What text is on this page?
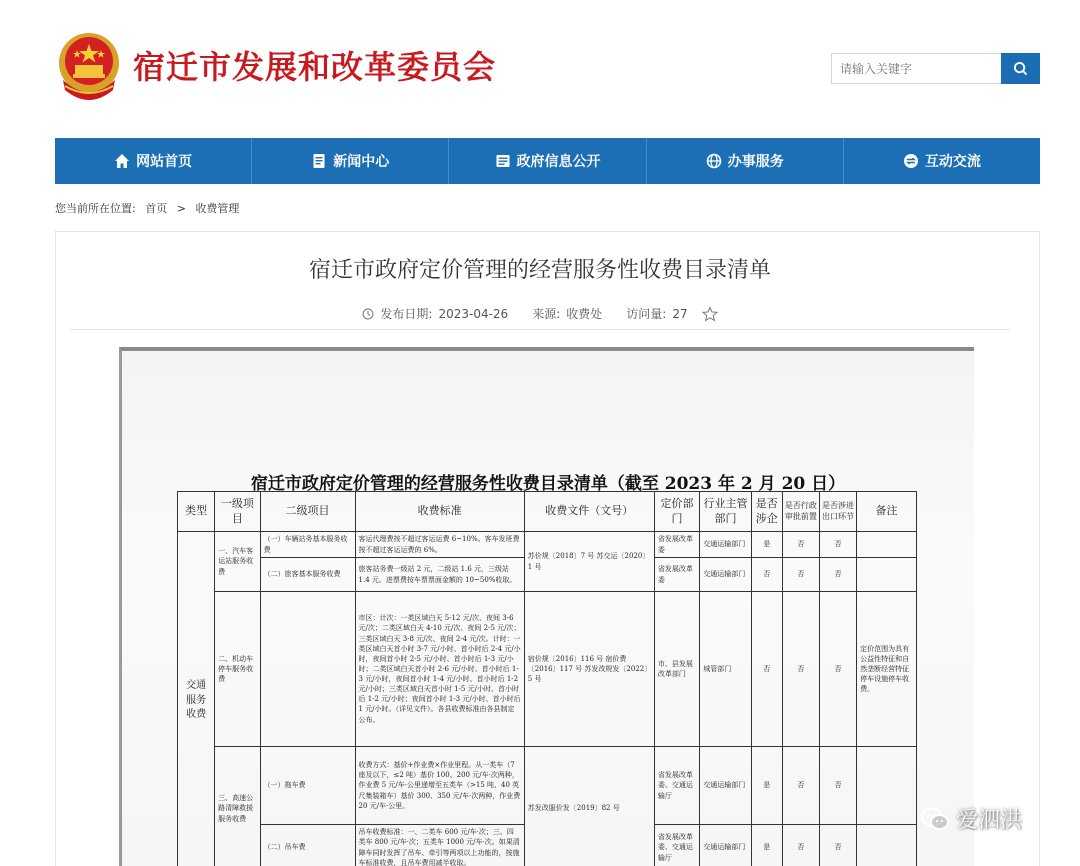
宿迁市发展和改革委员会
请输入关键字
网站首页	新闻中心	政府信息公开	办事服务	互动交流
您当前所在位置: 首页 > 收费管理
宿迁市政府定价管理的经营服务性收费目录清单
发布日期: 2023-04-26 来源: 收费处 访问量: 27
宿迁市政府定价管理的经营服务性收费目录清单（截至 2023 年 2 月 20 日）
类型	一级项目	二级项目	收费标准	收费文件（文号）	定价部门	行业主管部门	是否涉企	是否行政审批前置	是否涉进出口环节	备注
交通服务收费	一、汽车客运站服务收费	（一）车辆站务基本服务收费	客运代理费按不超过客运运费 6~10%。客车发班费按不超过客运运费的 6%。	苏价规〔2018〕7 号 苏交运〔2020〕1 号	省发展改革委	交通运输部门	是	否	否	
		（二）旅客基本服务收费	旅客站务费一级站 2 元，二级站 1.6 元，三级站 1.4 元。进票费按车票票面金额的 10~50%收取。		省发展改革委	交通运输部门	否	否	否	
	二、机动车停车服务收费		市区：计次：一类区域白天 5-12 元/次、夜间 3-6 元/次；二类区域白天 4-10 元/次、夜间 2-5 元/次；三类区域白天 3-8 元/次、夜间 2-4 元/次。计时：一类区域白天首小时 3-7 元/小时、首小时后 2-4 元/小时，夜间首小时 2-5 元/小时、首小时后 1-3 元/小时；二类区域白天首小时 2-6 元/小时、首小时后 1-3 元/小时，夜间首小时 1-4 元/小时、首小时后 1-2 元/小时；三类区域白天首小时 1-5 元/小时、首小时后 1-2 元/小时；夜间首小时 1-3 元/小时、首小时后 1 元/小时。（详见文件）。各县收费标准由各县制定公布。	宿价规〔2016〕116 号 宿价费〔2016〕117 号 苏发改规发〔2022〕5 号	市、县发展改革部门	城管部门	否	否	否	定价范围为具有公益性特征和自然垄断经营特征停车设施停车收费。
	三、高速公路清障救援服务收费	（一）拖车费	收费方式：基价+作业费×作业里程。从一类车（7 座及以下，≤2 吨）基价 100、200 元/车·次两种，作业费 5 元/车·公里递增至五类车（>15 吨、40 英尺集装箱车）基价 300、350 元/车·次两种，作业费 20 元/车·公里。	苏发改服价发〔2019〕82 号	省发展改革委、交通运输厅	交通运输部门	是	否	否	
		（二）吊车费	吊车收费标准：一、二类车 600 元/车·次；三、四类车 800 元/车·次；五类车 1000 元/车·次。如果清障车同时发挥了吊车、牵引等两项以上功能的，按施车标准收费，且吊车费用减半收取。		省发展改革委、交通运输厅	交通运输部门	是	否	否	
爱泗洪
